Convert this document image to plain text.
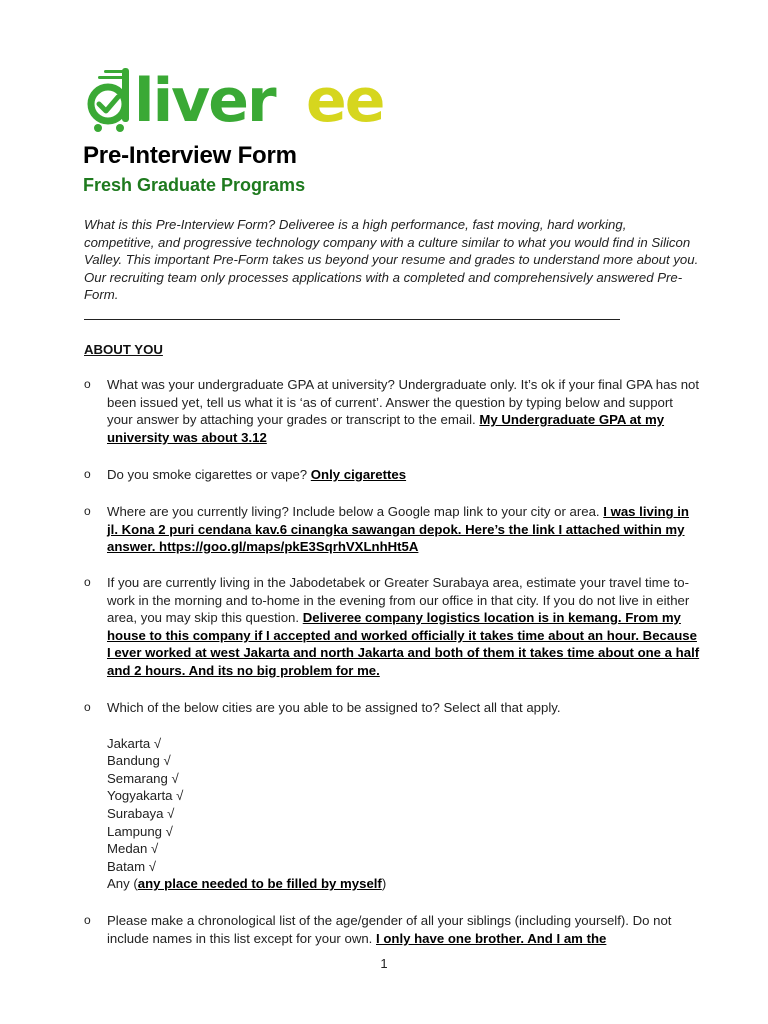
liver ee
Pre-Interview Form
Fresh Graduate Programs

What is this Pre-Interview Form? Deliveree is a high performance, fast moving, hard working, competitive, and progressive technology company with a culture similar to what you would find in Silicon Valley. This important Pre-Form takes us beyond your resume and grades to understand more about you. Our recruiting team only processes applications with a completed and comprehensively answered Pre-Form.

ABOUT YOU

o What was your undergraduate GPA at university? Undergraduate only. It’s ok if your final GPA has not been issued yet, tell us what it is ‘as of current’. Answer the question by typing below and support your answer by attaching your grades or transcript to the email. My Undergraduate GPA at my university was about 3.12
o Do you smoke cigarettes or vape? Only cigarettes
o Where are you currently living? Include below a Google map link to your city or area. I was living in jl. Kona 2 puri cendana kav.6 cinangka sawangan depok. Here’s the link I attached within my answer. https://goo.gl/maps/pkE3SqrhVXLnhHt5A
o If you are currently living in the Jabodetabek or Greater Surabaya area, estimate your travel time to-work in the morning and to-home in the evening from our office in that city. If you do not live in either area, you may skip this question. Deliveree company logistics location is in kemang. From my house to this company if I accepted and worked officially it takes time about an hour. Because I ever worked at west Jakarta and north Jakarta and both of them it takes time about one a half and 2 hours. And its no big problem for me.
o Which of the below cities are you able to be assigned to? Select all that apply.
Jakarta √
Bandung √
Semarang √
Yogyakarta √
Surabaya √
Lampung √
Medan √
Batam √
Any (any place needed to be filled by myself)
o Please make a chronological list of the age/gender of all your siblings (including yourself). Do not include names in this list except for your own. I only have one brother. And I am the
1
